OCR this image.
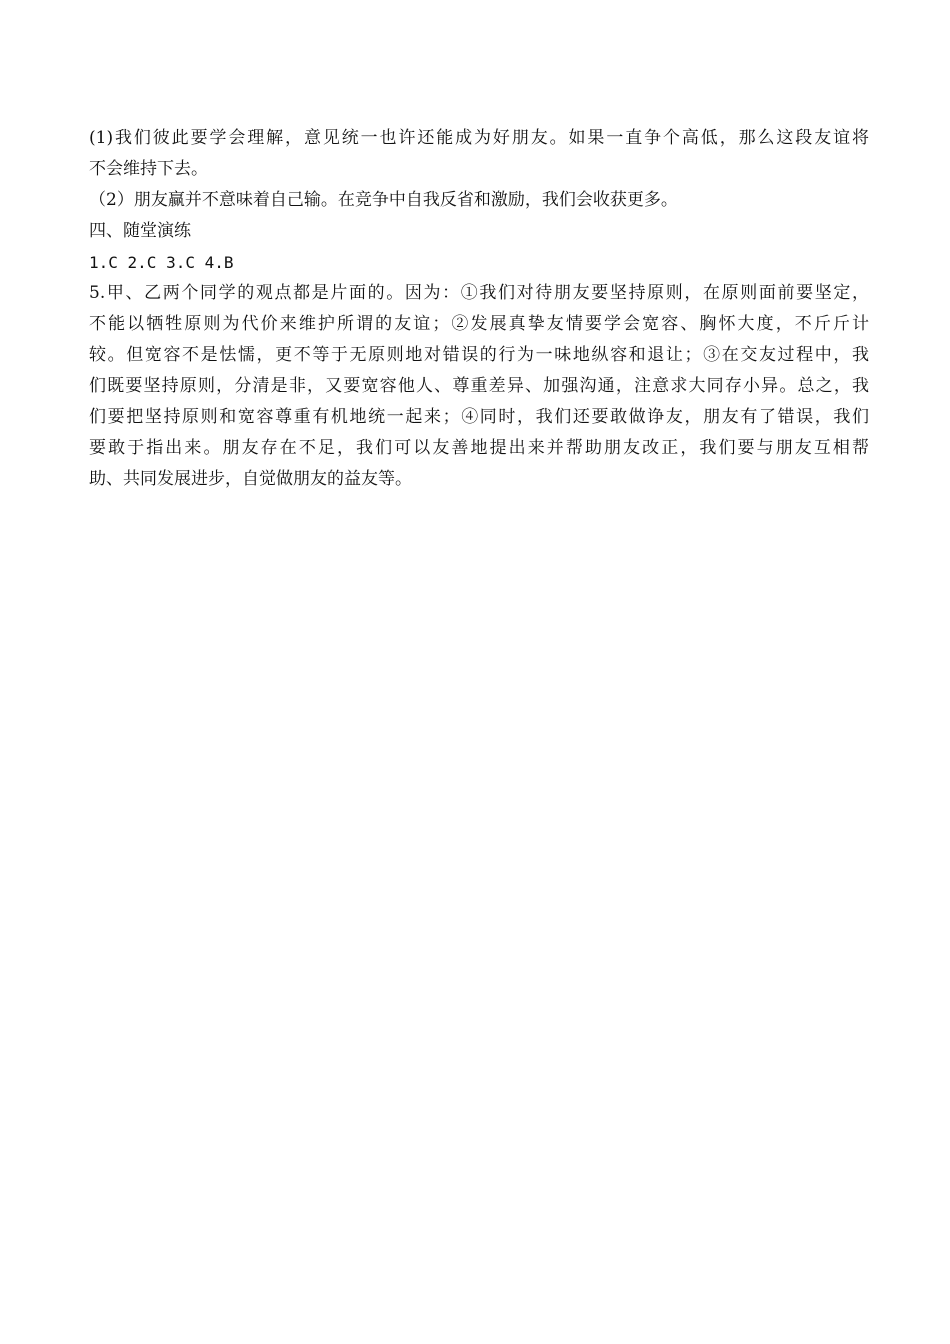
(1)我们彼此要学会理解，意见统一也许还能成为好朋友。如果一直争个高低，那么这段友谊将
不会维持下去。
（2）朋友赢并不意味着自己输。在竞争中自我反省和激励，我们会收获更多。
四、随堂演练
1.C 2.C 3.C 4.B
5.甲、乙两个同学的观点都是片面的。因为：①我们对待朋友要坚持原则，在原则面前要坚定，
不能以牺牲原则为代价来维护所谓的友谊；②发展真挚友情要学会宽容、胸怀大度，不斤斤计
较。但宽容不是怯懦，更不等于无原则地对错误的行为一味地纵容和退让；③在交友过程中，我
们既要坚持原则，分清是非，又要宽容他人、尊重差异、加强沟通，注意求大同存小异。总之，我
们要把坚持原则和宽容尊重有机地统一起来；④同时，我们还要敢做诤友，朋友有了错误，我们
要敢于指出来。朋友存在不足，我们可以友善地提出来并帮助朋友改正，我们要与朋友互相帮
助、共同发展进步，自觉做朋友的益友等。
